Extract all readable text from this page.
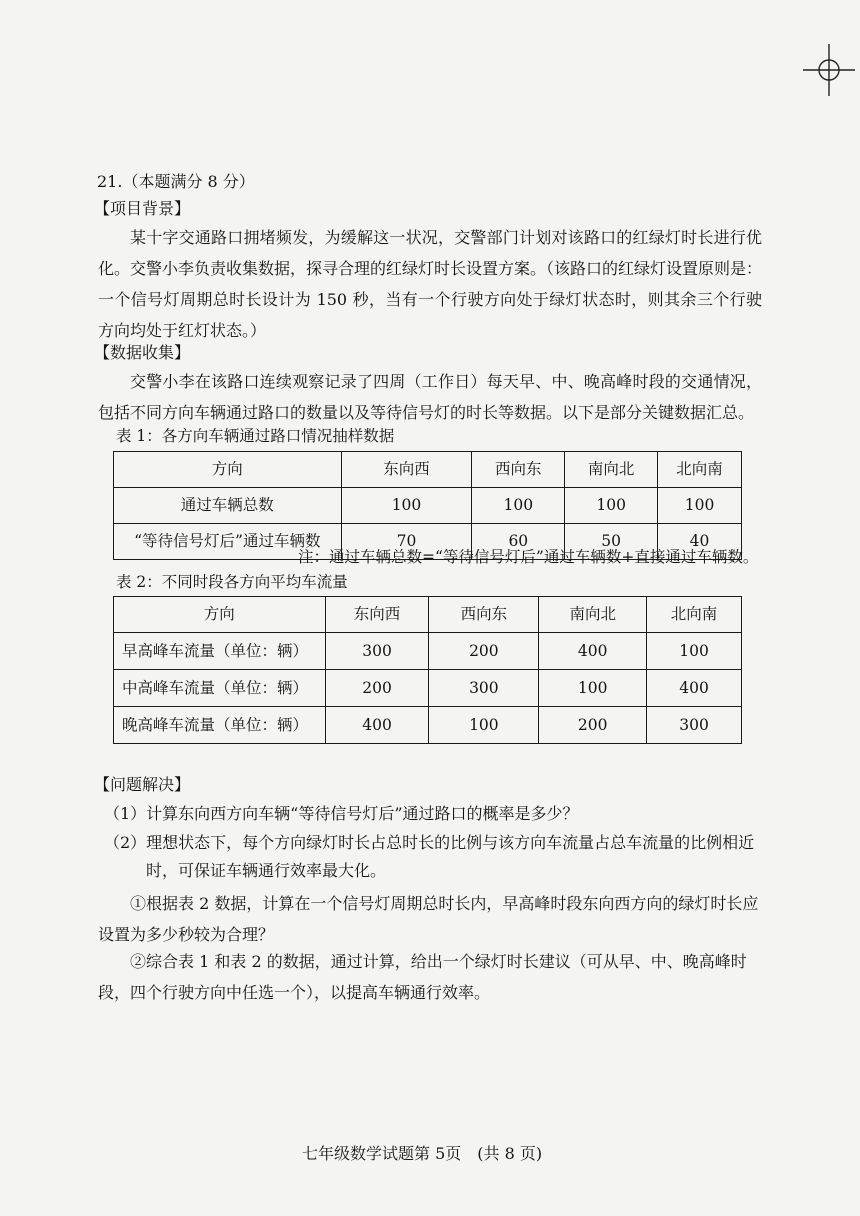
21.（本题满分 8 分）
【项目背景】
某十字交通路口拥堵频发，为缓解这一状况，交警部门计划对该路口的红绿灯时长进行优化。交警小李负责收集数据，探寻合理的红绿灯时长设置方案。（该路口的红绿灯设置原则是：一个信号灯周期总时长设计为 150 秒，当有一个行驶方向处于绿灯状态时，则其余三个行驶方向均处于红灯状态。）
【数据收集】
交警小李在该路口连续观察记录了四周（工作日）每天早、中、晚高峰时段的交通情况，包括不同方向车辆通过路口的数量以及等待信号灯的时长等数据。以下是部分关键数据汇总。
表 1：各方向车辆通过路口情况抽样数据
方向	东向西	西向东	南向北	北向南
通过车辆总数	100	100	100	100
“等待信号灯后”通过车辆数	70	60	50	40
注：通过车辆总数=“等待信号灯后”通过车辆数+直接通过车辆数。
表 2：不同时段各方向平均车流量
方向	东向西	西向东	南向北	北向南
早高峰车流量（单位：辆）	300	200	400	100
中高峰车流量（单位：辆）	200	300	100	400
晚高峰车流量（单位：辆）	400	100	200	300
【问题解决】
（1）计算东向西方向车辆“等待信号灯后”通过路口的概率是多少？
（2）理想状态下，每个方向绿灯时长占总时长的比例与该方向车流量占总车流量的比例相近
时，可保证车辆通行效率最大化。
①根据表 2 数据，计算在一个信号灯周期总时长内，早高峰时段东向西方向的绿灯时长应设置为多少秒较为合理？
②综合表 1 和表 2 的数据，通过计算，给出一个绿灯时长建议（可从早、中、晚高峰时段，四个行驶方向中任选一个），以提高车辆通行效率。
七年级数学试题第 5页　(共 8 页)
